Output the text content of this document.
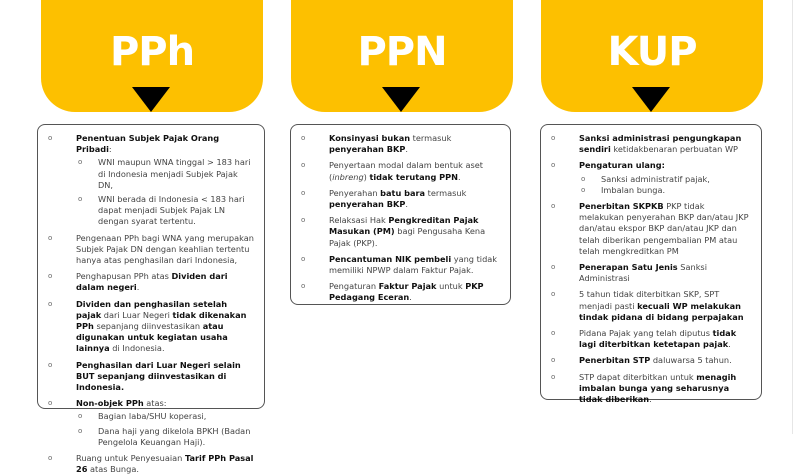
PPh	PPN	KUP
o Penentuan Subjek Pajak Orang Pribadi:
o WNI maupun WNA tinggal > 183 hari di Indonesia menjadi Subjek Pajak DN,
o WNI berada di Indonesia < 183 hari dapat menjadi Subjek Pajak LN dengan syarat tertentu.
o Pengenaan PPh bagi WNA yang merupakan Subjek Pajak DN dengan keahlian tertentu hanya atas penghasilan dari Indonesia,
o Penghapusan PPh atas Dividen dari dalam negeri.
o Dividen dan penghasilan setelah pajak dari Luar Negeri tidak dikenakan PPh sepanjang diinvestasikan atau digunakan untuk kegiatan usaha lainnya di Indonesia.
o Penghasilan dari Luar Negeri selain BUT sepanjang diinvestasikan di Indonesia.
o Non-objek PPh atas:
o Bagian laba/SHU koperasi,
o Dana haji yang dikelola BPKH (Badan Pengelola Keuangan Haji).
o Ruang untuk Penyesuaian Tarif PPh Pasal 26 atas Bunga.
o Konsinyasi bukan termasuk penyerahan BKP.
o Penyertaan modal dalam bentuk aset (inbreng) tidak terutang PPN.
o Penyerahan batu bara termasuk penyerahan BKP.
o Relaksasi Hak Pengkreditan Pajak Masukan (PM) bagi Pengusaha Kena Pajak (PKP).
o Pencantuman NIK pembeli yang tidak memiliki NPWP dalam Faktur Pajak.
o Pengaturan Faktur Pajak untuk PKP Pedagang Eceran.
o Sanksi administrasi pengungkapan sendiri ketidakbenaran perbuatan WP
o Pengaturan ulang:
o Sanksi administratif pajak,
o Imbalan bunga.
o Penerbitan SKPKB PKP tidak melakukan penyerahan BKP dan/atau JKP dan/atau ekspor BKP dan/atau JKP dan telah diberikan pengembalian PM atau telah mengkreditkan PM
o Penerapan Satu Jenis Sanksi Administrasi
o 5 tahun tidak diterbitkan SKP, SPT menjadi pasti kecuali WP melakukan tindak pidana di bidang perpajakan
o Pidana Pajak yang telah diputus tidak lagi diterbitkan ketetapan pajak.
o Penerbitan STP daluwarsa 5 tahun.
o STP dapat diterbitkan untuk menagih imbalan bunga yang seharusnya tidak diberikan.
